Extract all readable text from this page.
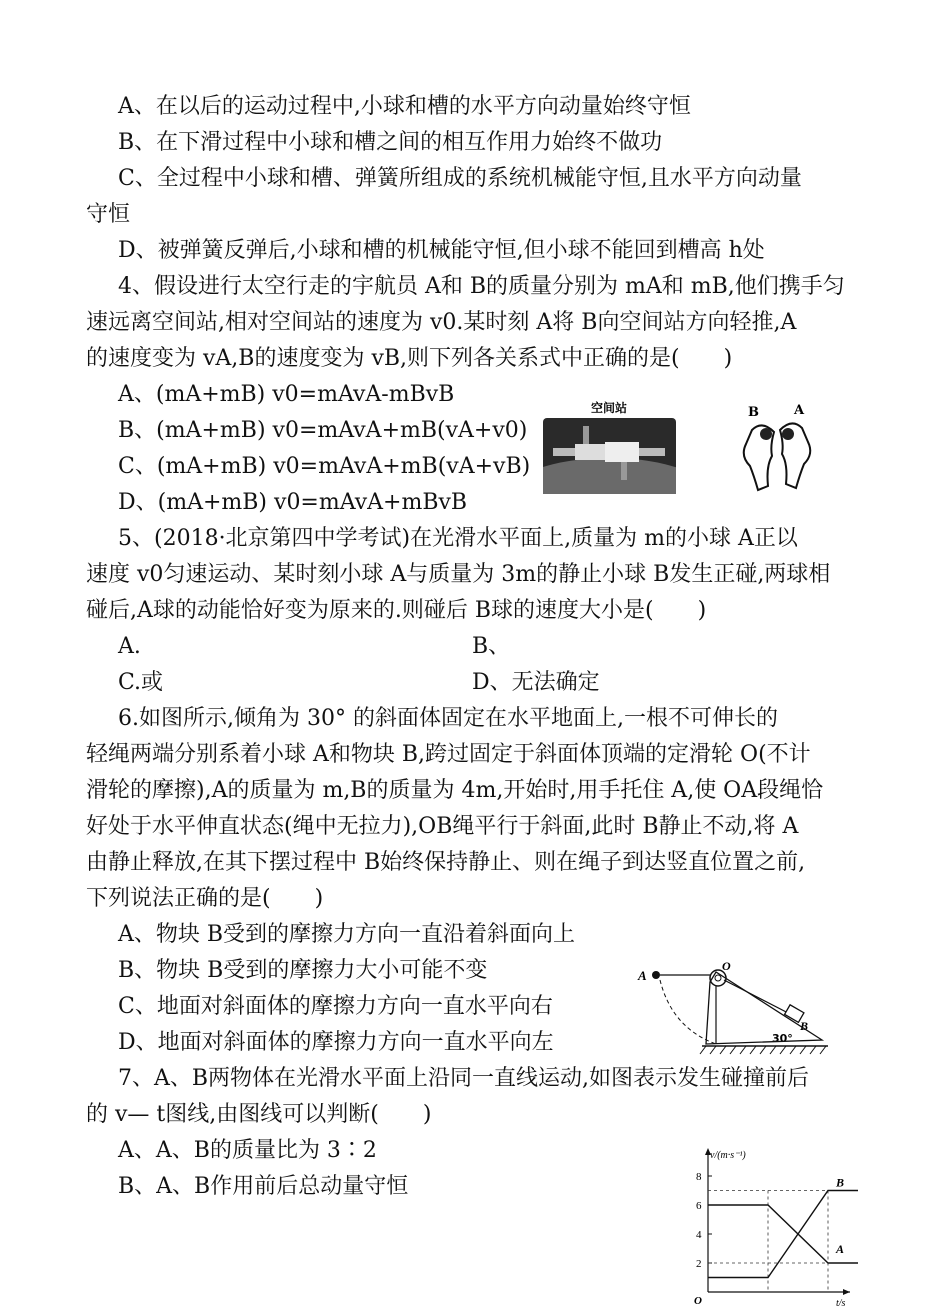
A、在以后的运动过程中,小球和槽的水平方向动量始终守恒
B、在下滑过程中小球和槽之间的相互作用力始终不做功
C、全过程中小球和槽、弹簧所组成的系统机械能守恒,且水平方向动量
守恒
D、被弹簧反弹后,小球和槽的机械能守恒,但小球不能回到槽高 h处
4、假设进行太空行走的宇航员 A和 B的质量分别为 mA和 mB,他们携手匀
速远离空间站,相对空间站的速度为 v0.某时刻 A将 B向空间站方向轻推,A
的速度变为 vA,B的速度变为 vB,则下列各关系式中正确的是(　　)
A、(mA+mB) v0=mAvA-mBvB
B、(mA+mB) v0=mAvA+mB(vA+v0)
C、(mA+mB) v0=mAvA+mB(vA+vB)
D、(mA+mB) v0=mAvA+mBvB
空间站	B	A
5、(2018·北京第四中学考试)在光滑水平面上,质量为 m的小球 A正以
速度 v0匀速运动、某时刻小球 A与质量为 3m的静止小球 B发生正碰,两球相
碰后,A球的动能恰好变为原来的.则碰后 B球的速度大小是(　　)
A.	B、
C.或	D、无法确定
6.如图所示,倾角为 30° 的斜面体固定在水平地面上,一根不可伸长的
轻绳两端分别系着小球 A和物块 B,跨过固定于斜面体顶端的定滑轮 O(不计
滑轮的摩擦),A的质量为 m,B的质量为 4m,开始时,用手托住 A,使 OA段绳恰
好处于水平伸直状态(绳中无拉力),OB绳平行于斜面,此时 B静止不动,将 A
由静止释放,在其下摆过程中 B始终保持静止、则在绳子到达竖直位置之前,
下列说法正确的是(　　)
A、物块 B受到的摩擦力方向一直沿着斜面向上
B、物块 B受到的摩擦力大小可能不变
C、地面对斜面体的摩擦力方向一直水平向右
D、地面对斜面体的摩擦力方向一直水平向左
A
O
B
30°
7、A、B两物体在光滑水平面上沿同一直线运动,如图表示发生碰撞前后
的 v— t图线,由图线可以判断(　　)
A、A、B的质量比为 3∶2
B、A、B作用前后总动量守恒
v/(m·s⁻¹)
t/s
O
2
4
6
8
A
B
